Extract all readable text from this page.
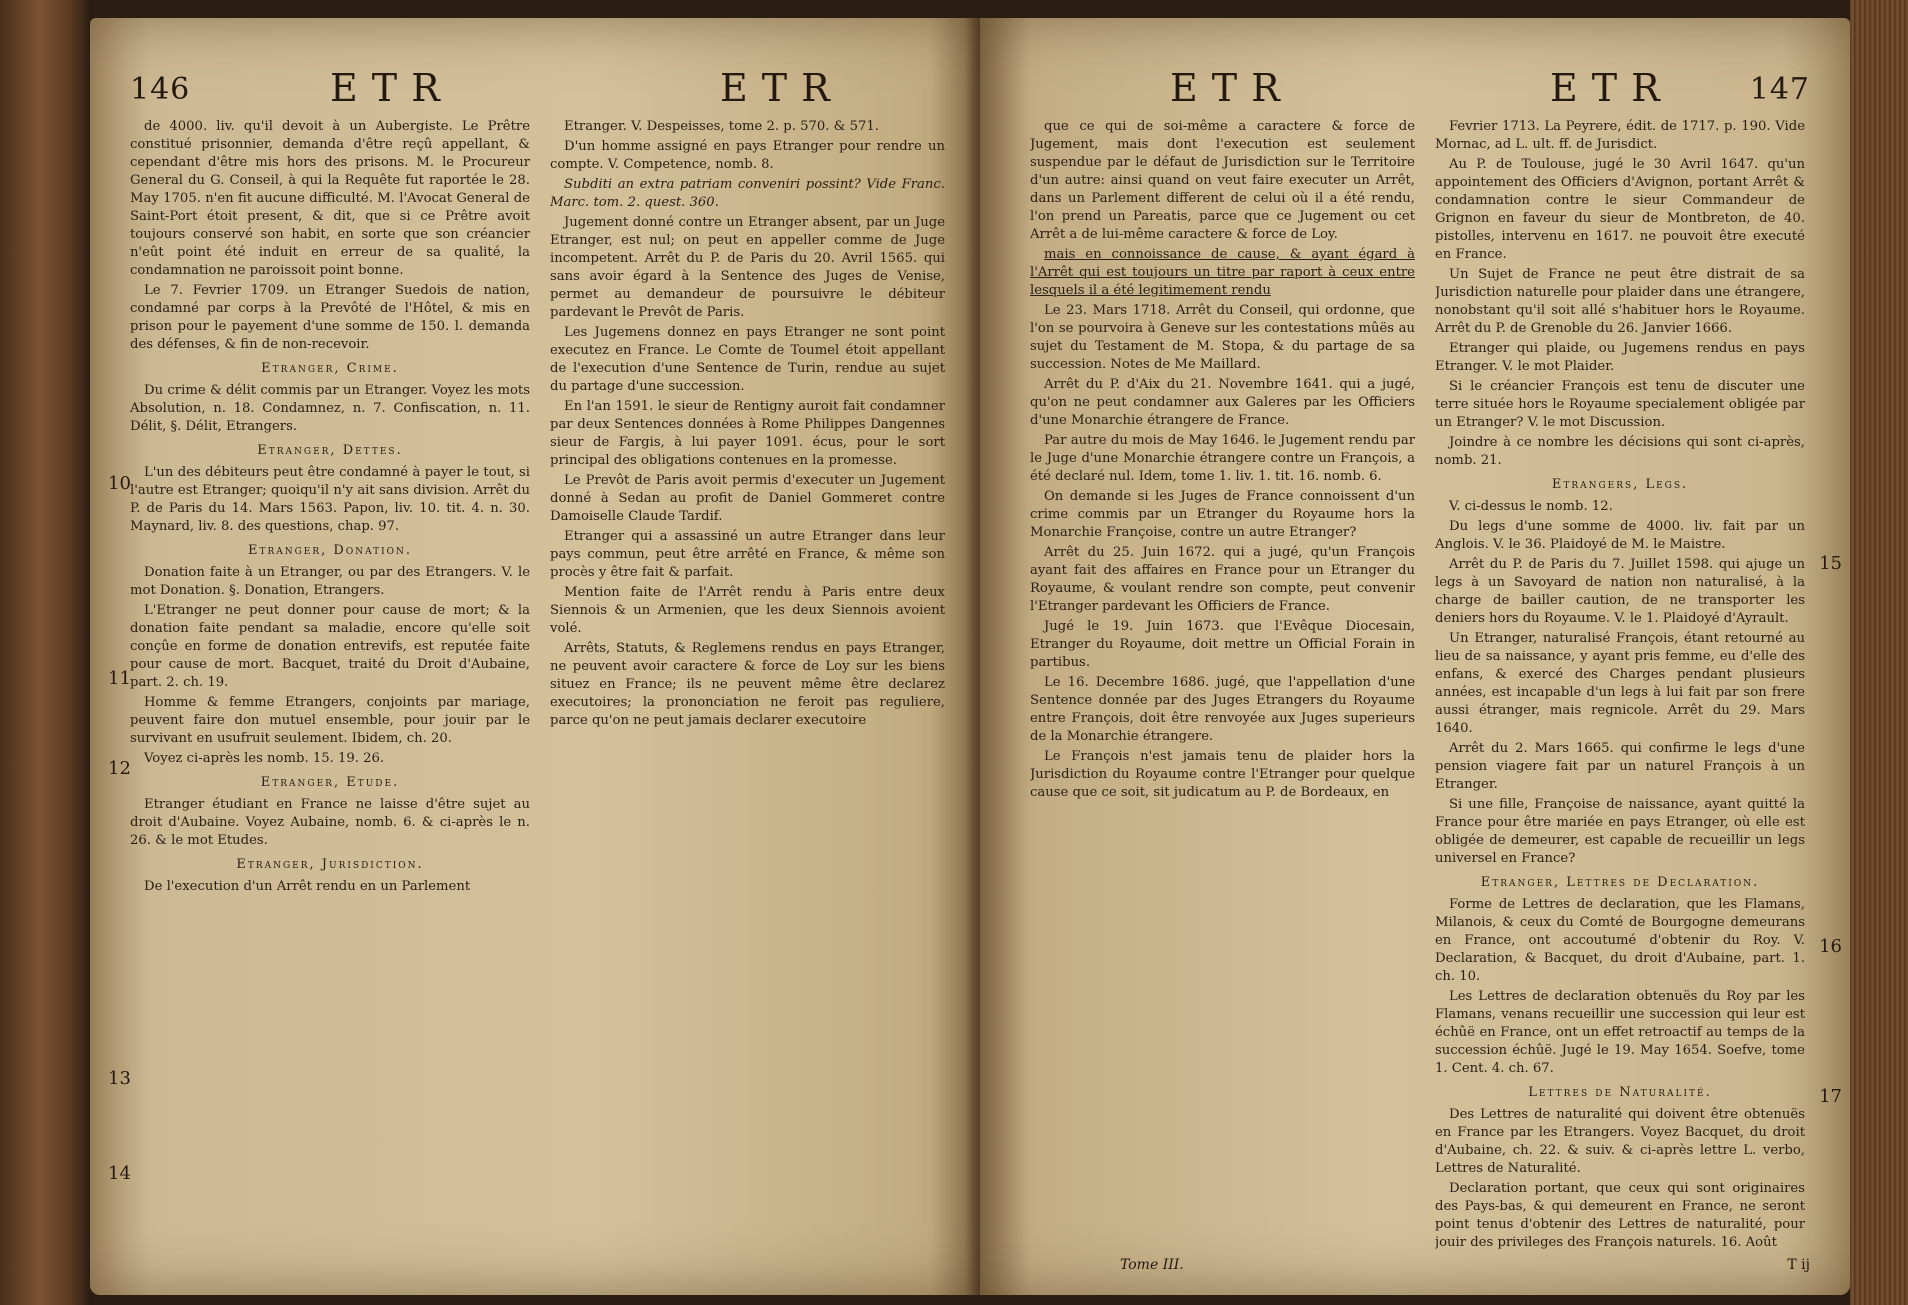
146	ETR	ETR

de 4000. liv. qu'il devoit à un Aubergiste. Le Prêtre constitué prisonnier, demanda d'être reçû appellant, & cependant d'être mis hors des prisons. M. le Procureur General du G. Conseil, à qui la Requête fut raportée le 28. May 1705. n'en fit aucune difficulté. M. l'Avocat General de Saint-Port étoit present, & dit, que si ce Prêtre avoit toujours conservé son habit, en sorte que son créancier n'eût point été induit en erreur de sa qualité, la condamnation ne paroissoit point bonne.

Le 7. Fevrier 1709. un Etranger Suedois de nation, condamné par corps à la Prevôté de l'Hôtel, & mis en prison pour le payement d'une somme de 150. l. demanda des défenses, & fin de non-recevoir.

Etranger, Crime.

Du crime & délit commis par un Etranger. Voyez les mots Absolution, n. 18. Condamnez, n. 7. Confiscation, n. 11. Délit, §. Délit, Etrangers.

Etranger, Dettes.

L'un des débiteurs peut être condamné à payer le tout, si l'autre est Etranger; quoiqu'il n'y ait sans division. Arrêt du P. de Paris du 14. Mars 1563. Papon, liv. 10. tit. 4. n. 30. Maynard, liv. 8. des questions, chap. 97.

Etranger, Donation.

Donation faite à un Etranger, ou par des Etrangers. V. le mot Donation. §. Donation, Etrangers.

L'Etranger ne peut donner pour cause de mort; & la donation faite pendant sa maladie, encore qu'elle soit conçûe en forme de donation entrevifs, est reputée faite pour cause de mort. Bacquet, traité du Droit d'Aubaine, part. 2. ch. 19.

Homme & femme Etrangers, conjoints par mariage, peuvent faire don mutuel ensemble, pour jouir par le survivant en usufruit seulement. Ibidem, ch. 20.

Voyez ci-après les nomb. 15. 19. 26.

Etranger, Etude.

Etranger étudiant en France ne laisse d'être sujet au droit d'Aubaine. Voyez Aubaine, nomb. 6. & ci-après le n. 26. & le mot Etudes.

Etranger, Jurisdiction.

De l'execution d'un Arrêt rendu en un Parlement

10
11
12
13
14

Etranger. V. Despeisses, tome 2. p. 570. & 571.

D'un homme assigné en pays Etranger pour rendre un compte. V. Competence, nomb. 8.

Subditi an extra patriam conveniri possint? Vide Franc. Marc. tom. 2. quest. 360.

Jugement donné contre un Etranger absent, par un Juge Etranger, est nul; on peut en appeller comme de Juge incompetent. Arrêt du P. de Paris du 20. Avril 1565. qui sans avoir égard à la Sentence des Juges de Venise, permet au demandeur de poursuivre le débiteur pardevant le Prevôt de Paris.

Les Jugemens donnez en pays Etranger ne sont point executez en France. Le Comte de Toumel étoit appellant de l'execution d'une Sentence de Turin, rendue au sujet du partage d'une succession.

En l'an 1591. le sieur de Rentigny auroit fait condamner par deux Sentences données à Rome Philippes Dangennes sieur de Fargis, à lui payer 1091. écus, pour le sort principal des obligations contenues en la promesse.

Le Prevôt de Paris avoit permis d'executer un Jugement donné à Sedan au profit de Daniel Gommeret contre Damoiselle Claude Tardif.

Etranger qui a assassiné un autre Etranger dans leur pays commun, peut être arrêté en France, & même son procès y être fait & parfait.

Mention faite de l'Arrêt rendu à Paris entre deux Siennois & un Armenien, que les deux Siennois avoient volé.

Arrêts, Statuts, & Reglemens rendus en pays Etranger, ne peuvent avoir caractere & force de Loy sur les biens situez en France; ils ne peuvent même être declarez executoires; la prononciation ne feroit pas reguliere, parce qu'on ne peut jamais declarer executoire

ETR	ETR	147

que ce qui de soi-même a caractere & force de Jugement, mais dont l'execution est seulement suspendue par le défaut de Jurisdiction sur le Territoire d'un autre: ainsi quand on veut faire executer un Arrêt, dans un Parlement different de celui où il a été rendu, l'on prend un Pareatis, parce que ce Jugement ou cet Arrêt a de lui-même caractere & force de Loy.

mais en connoissance de cause, & ayant égard à l'Arrêt qui est toujours un titre par raport à ceux entre lesquels il a été legitimement rendu

Le 23. Mars 1718. Arrêt du Conseil, qui ordonne, que l'on se pourvoira à Geneve sur les contestations mûës au sujet du Testament de M. Stopa, & du partage de sa succession. Notes de Me Maillard.

Arrêt du P. d'Aix du 21. Novembre 1641. qui a jugé, qu'on ne peut condamner aux Galeres par les Officiers d'une Monarchie étrangere de France.

Par autre du mois de May 1646. le Jugement rendu par le Juge d'une Monarchie étrangere contre un François, a été declaré nul. Idem, tome 1. liv. 1. tit. 16. nomb. 6.

On demande si les Juges de France connoissent d'un crime commis par un Etranger du Royaume hors la Monarchie Françoise, contre un autre Etranger?

Arrêt du 25. Juin 1672. qui a jugé, qu'un François ayant fait des affaires en France pour un Etranger du Royaume, & voulant rendre son compte, peut convenir l'Etranger pardevant les Officiers de France.

Jugé le 19. Juin 1673. que l'Evêque Diocesain, Etranger du Royaume, doit mettre un Official Forain in partibus.

Le 16. Decembre 1686. jugé, que l'appellation d'une Sentence donnée par des Juges Etrangers du Royaume entre François, doit être renvoyée aux Juges superieurs de la Monarchie étrangere.

Le François n'est jamais tenu de plaider hors la Jurisdiction du Royaume contre l'Etranger pour quelque cause que ce soit, sit judicatum au P. de Bordeaux, en

Tome III.

Fevrier 1713. La Peyrere, édit. de 1717. p. 190. Vide Mornac, ad L. ult. ff. de Jurisdict.

Au P. de Toulouse, jugé le 30 Avril 1647. qu'un appointement des Officiers d'Avignon, portant Arrêt & condamnation contre le sieur Commandeur de Grignon en faveur du sieur de Montbreton, de 40. pistolles, intervenu en 1617. ne pouvoit être executé en France.

Un Sujet de France ne peut être distrait de sa Jurisdiction naturelle pour plaider dans une étrangere, nonobstant qu'il soit allé s'habituer hors le Royaume. Arrêt du P. de Grenoble du 26. Janvier 1666.

Etranger qui plaide, ou Jugemens rendus en pays Etranger. V. le mot Plaider.

Si le créancier François est tenu de discuter une terre située hors le Royaume specialement obligée par un Etranger? V. le mot Discussion.

Joindre à ce nombre les décisions qui sont ci-après, nomb. 21.

Etrangers, Legs.

V. ci-dessus le nomb. 12.

Du legs d'une somme de 4000. liv. fait par un Anglois. V. le 36. Plaidoyé de M. le Maistre.

Arrêt du P. de Paris du 7. Juillet 1598. qui ajuge un legs à un Savoyard de nation non naturalisé, à la charge de bailler caution, de ne transporter les deniers hors du Royaume. V. le 1. Plaidoyé d'Ayrault.

Un Etranger, naturalisé François, étant retourné au lieu de sa naissance, y ayant pris femme, eu d'elle des enfans, & exercé des Charges pendant plusieurs années, est incapable d'un legs à lui fait par son frere aussi étranger, mais regnicole. Arrêt du 29. Mars 1640.

Arrêt du 2. Mars 1665. qui confirme le legs d'une pension viagere fait par un naturel François à un Etranger.

Si une fille, Françoise de naissance, ayant quitté la France pour être mariée en pays Etranger, où elle est obligée de demeurer, est capable de recueillir un legs universel en France?

Etranger, Lettres de Declaration.

Forme de Lettres de declaration, que les Flamans, Milanois, & ceux du Comté de Bourgogne demeurans en France, ont accoutumé d'obtenir du Roy. V. Declaration, & Bacquet, du droit d'Aubaine, part. 1. ch. 10.

Les Lettres de declaration obtenuës du Roy par les Flamans, venans recueillir une succession qui leur est échûë en France, ont un effet retroactif au temps de la succession échûë. Jugé le 19. May 1654. Soefve, tome 1. Cent. 4. ch. 67.

Lettres de Naturalité.

Des Lettres de naturalité qui doivent être obtenuës en France par les Etrangers. Voyez Bacquet, du droit d'Aubaine, ch. 22. & suiv. & ci-après lettre L. verbo, Lettres de Naturalité.

Declaration portant, que ceux qui sont originaires des Pays-bas, & qui demeurent en France, ne seront point tenus d'obtenir des Lettres de naturalité, pour jouir des privileges des François naturels. 16. Août

T ij
15
16
17
